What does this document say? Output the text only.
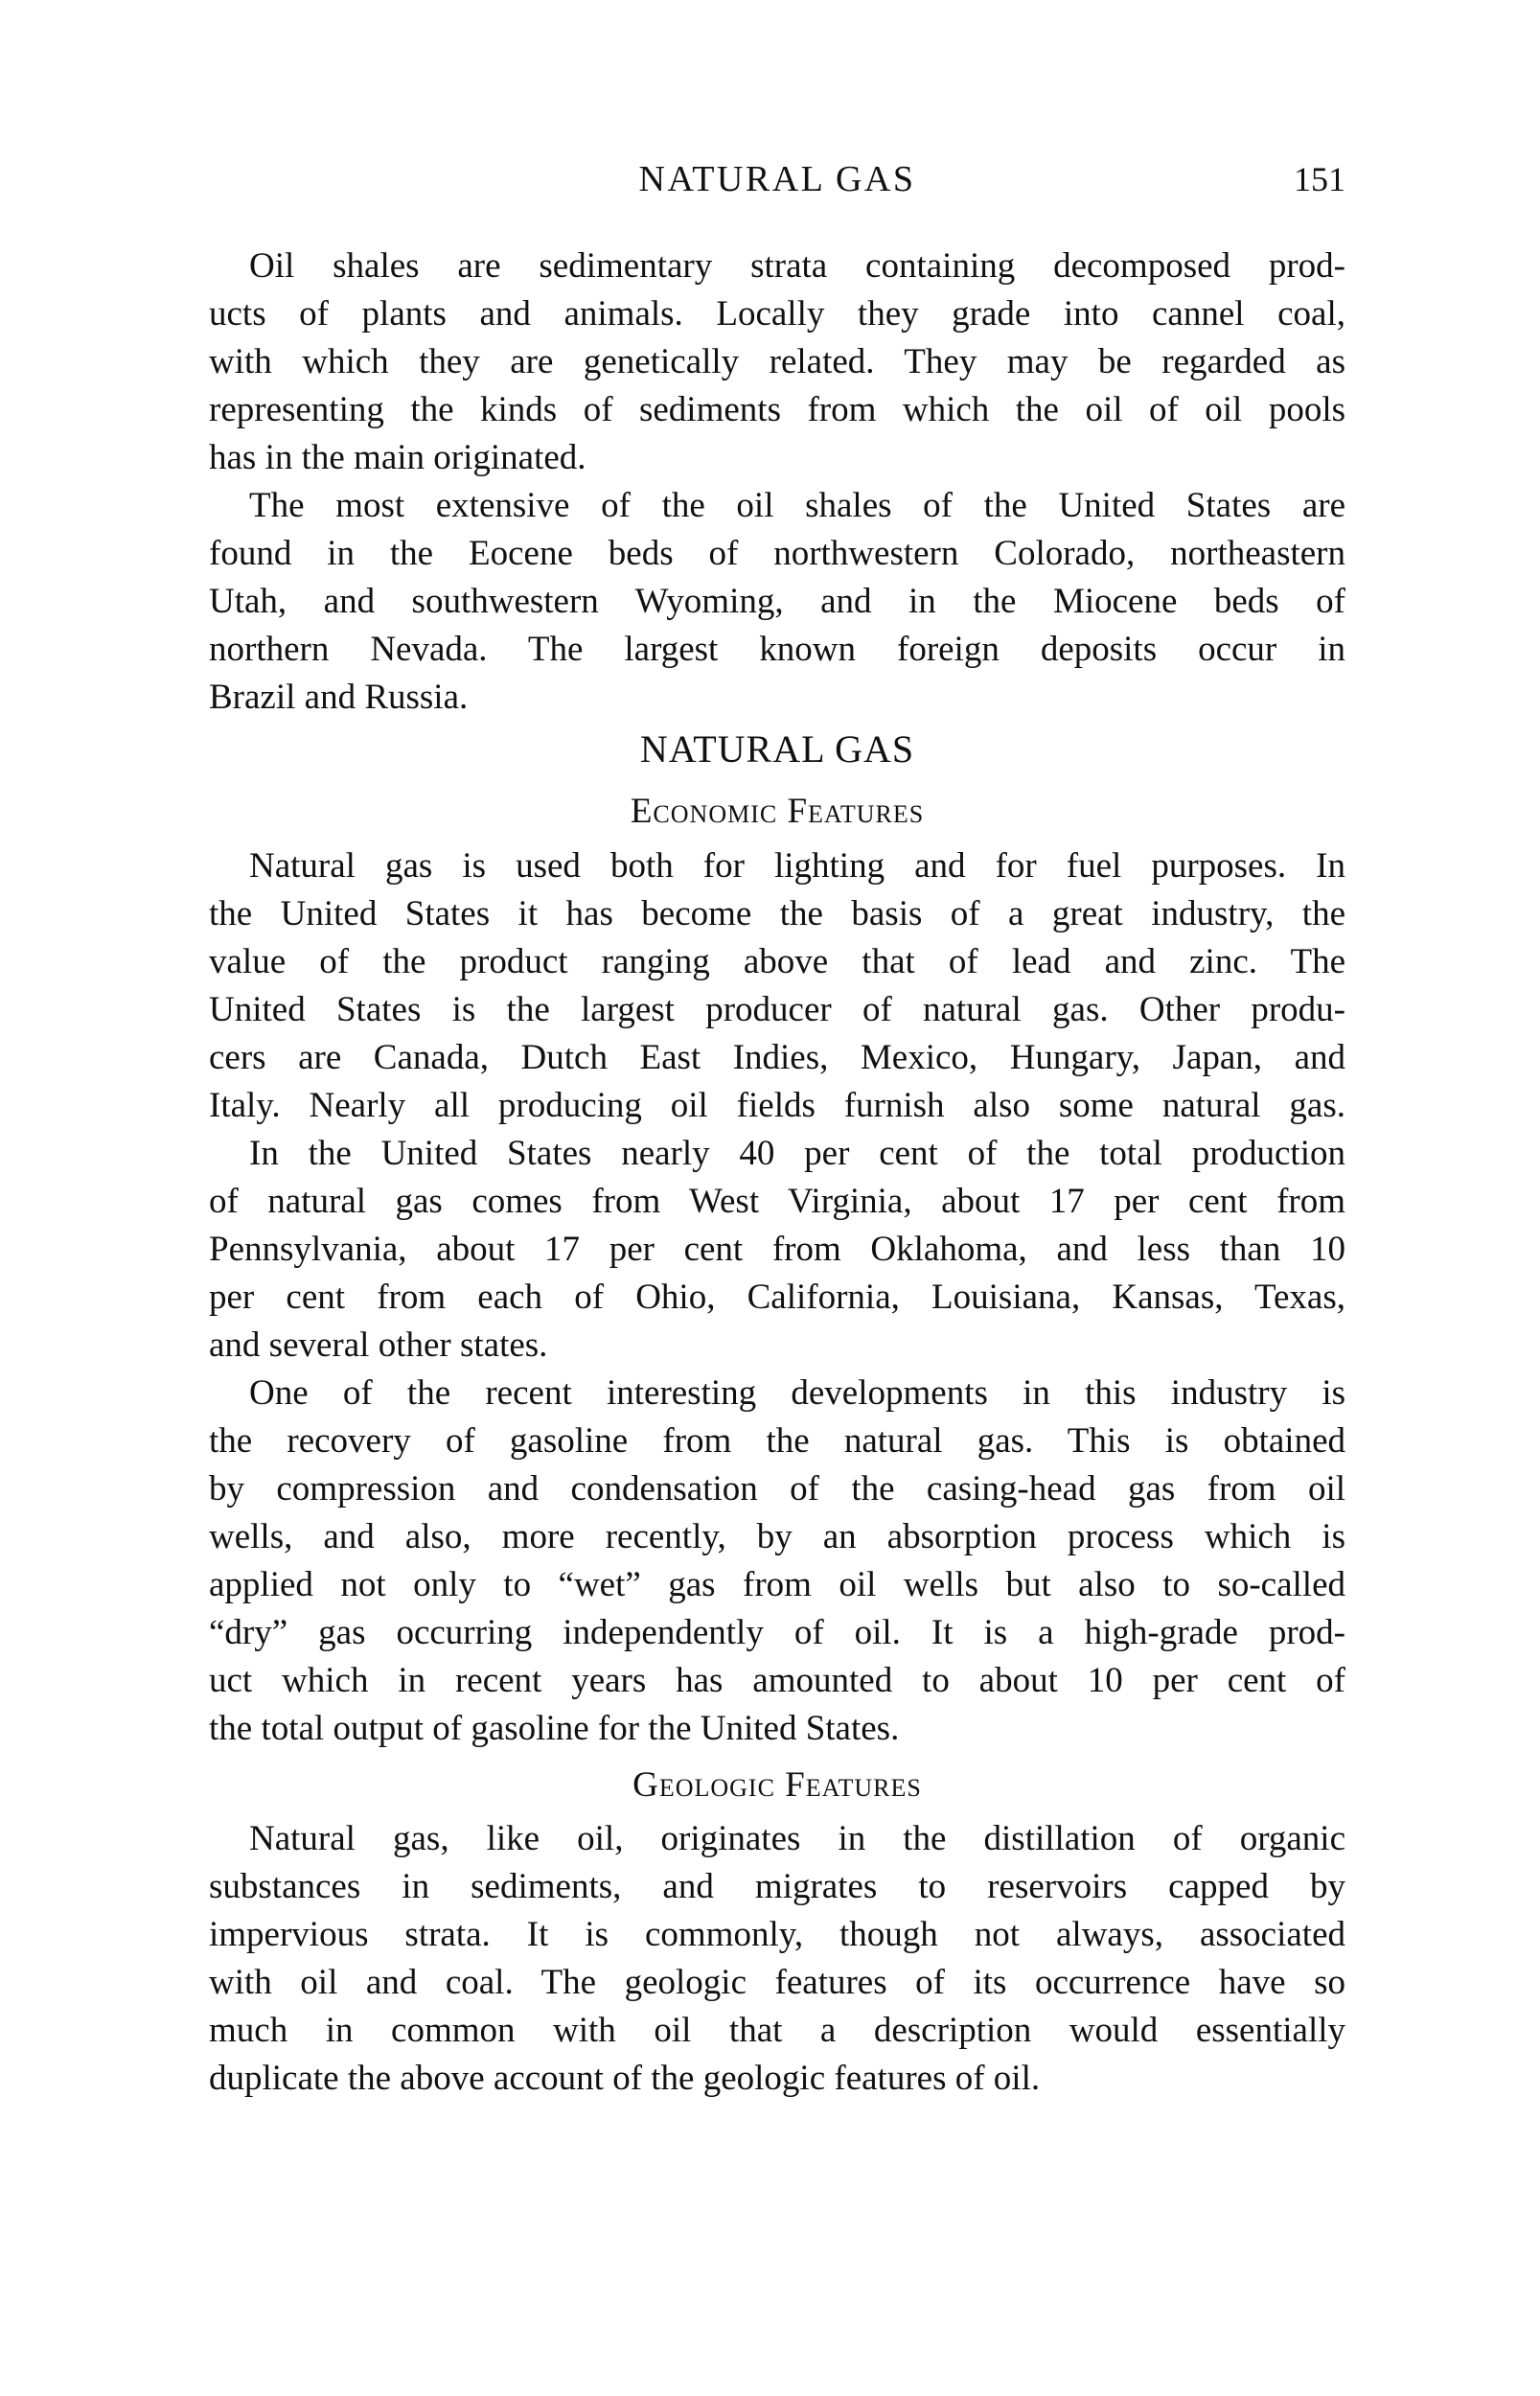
NATURAL GAS	151
Oil shales are sedimentary strata containing decomposed prod-
ucts of plants and animals. Locally they grade into cannel coal,
with which they are genetically related. They may be regarded as
representing the kinds of sediments from which the oil of oil pools
has in the main originated.
The most extensive of the oil shales of the United States are
found in the Eocene beds of northwestern Colorado, northeastern
Utah, and southwestern Wyoming, and in the Miocene beds of
northern Nevada. The largest known foreign deposits occur in
Brazil and Russia.
NATURAL GAS
Economic Features
Natural gas is used both for lighting and for fuel purposes. In
the United States it has become the basis of a great industry, the
value of the product ranging above that of lead and zinc. The
United States is the largest producer of natural gas. Other produ-
cers are Canada, Dutch East Indies, Mexico, Hungary, Japan, and
Italy. Nearly all producing oil fields furnish also some natural gas.
In the United States nearly 40 per cent of the total production
of natural gas comes from West Virginia, about 17 per cent from
Pennsylvania, about 17 per cent from Oklahoma, and less than 10
per cent from each of Ohio, California, Louisiana, Kansas, Texas,
and several other states.
One of the recent interesting developments in this industry is
the recovery of gasoline from the natural gas. This is obtained
by compression and condensation of the casing-head gas from oil
wells, and also, more recently, by an absorption process which is
applied not only to “wet” gas from oil wells but also to so-called
“dry” gas occurring independently of oil. It is a high-grade prod-
uct which in recent years has amounted to about 10 per cent of
the total output of gasoline for the United States.
Geologic Features
Natural gas, like oil, originates in the distillation of organic
substances in sediments, and migrates to reservoirs capped by
impervious strata. It is commonly, though not always, associated
with oil and coal. The geologic features of its occurrence have so
much in common with oil that a description would essentially
duplicate the above account of the geologic features of oil.
